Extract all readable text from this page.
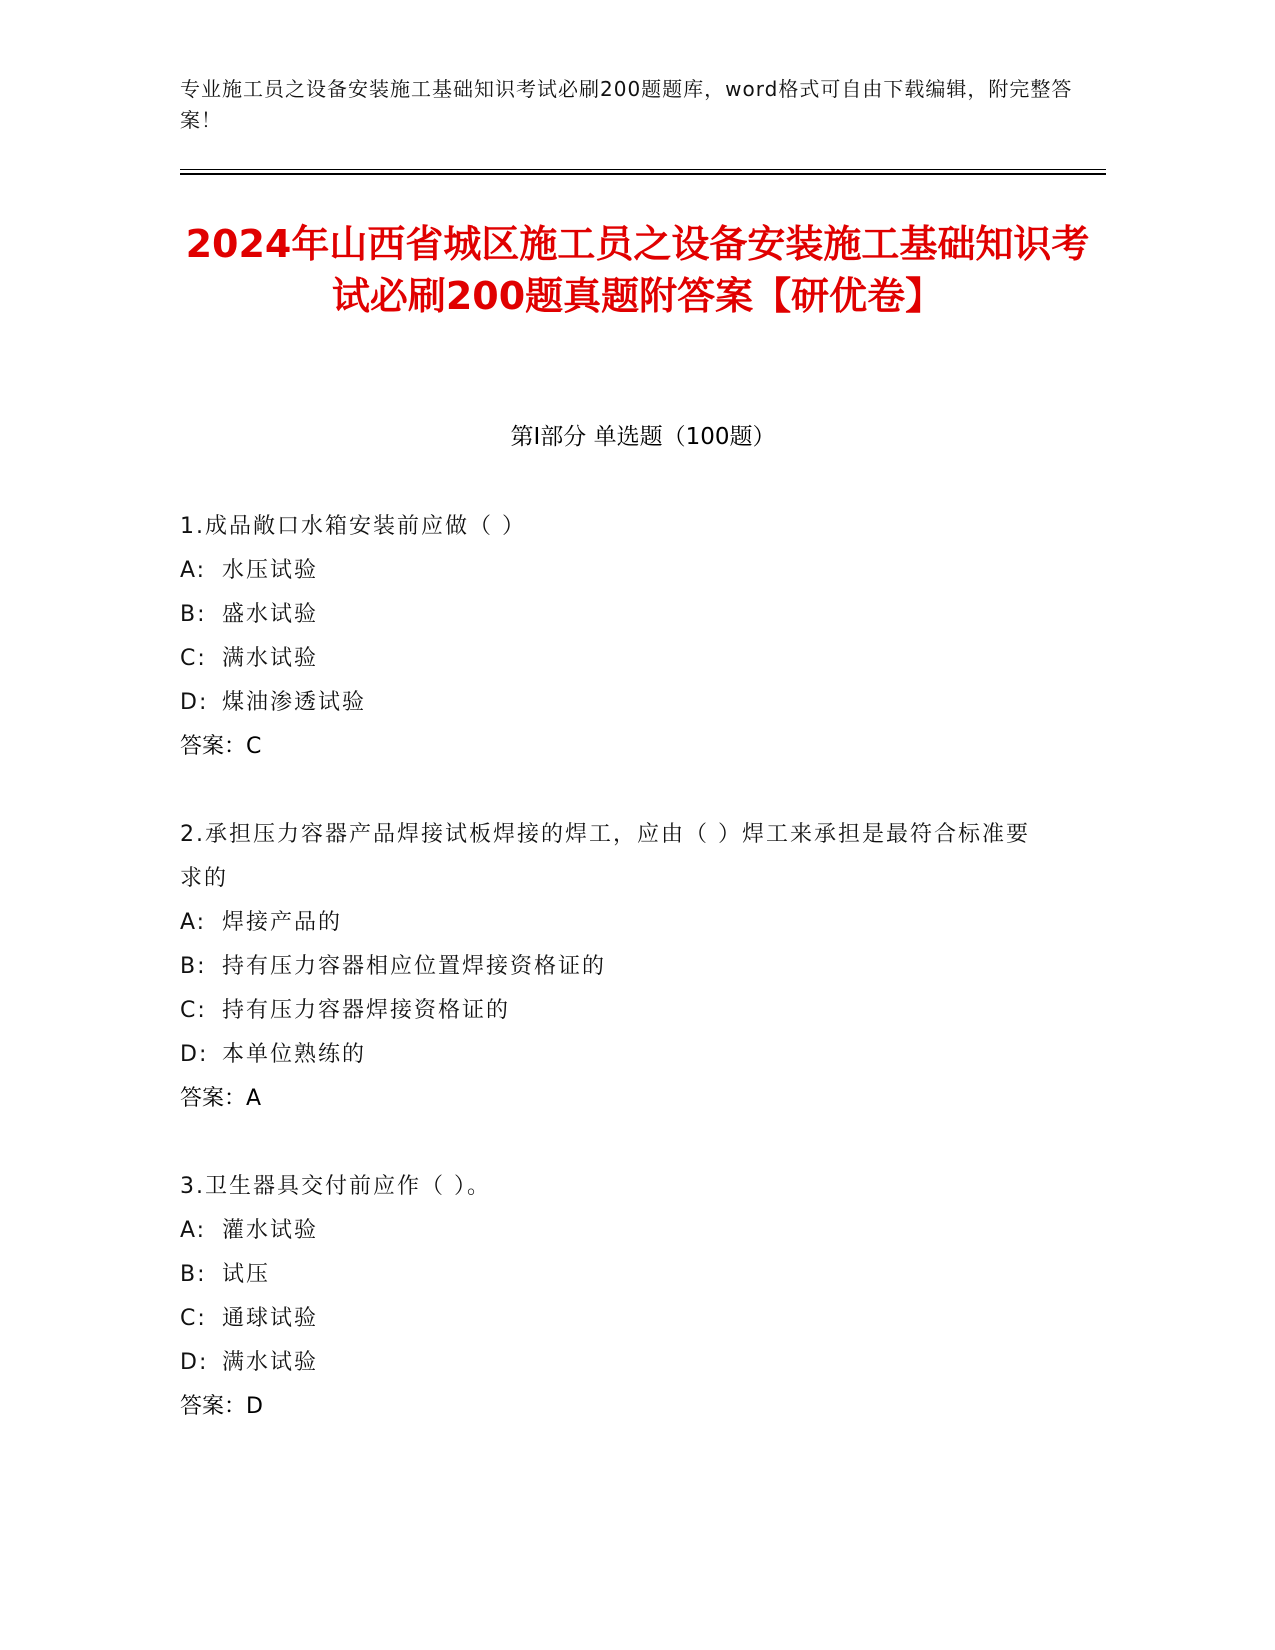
专业施工员之设备安装施工基础知识考试必刷200题题库，word格式可自由下载编辑，附完整答案！
2024年山西省城区施工员之设备安装施工基础知识考试必刷200题真题附答案【研优卷】
第I部分 单选题（100题）
1.成品敞口水箱安装前应做（ ）
A: 水压试验
B: 盛水试验
C: 满水试验
D: 煤油渗透试验
答案：C
2.承担压力容器产品焊接试板焊接的焊工，应由（ ）焊工来承担是最符合标准要求的
A: 焊接产品的
B: 持有压力容器相应位置焊接资格证的
C: 持有压力容器焊接资格证的
D: 本单位熟练的
答案：A
3.卫生器具交付前应作（ ）。
A: 灌水试验
B: 试压
C: 通球试验
D: 满水试验
答案：D
